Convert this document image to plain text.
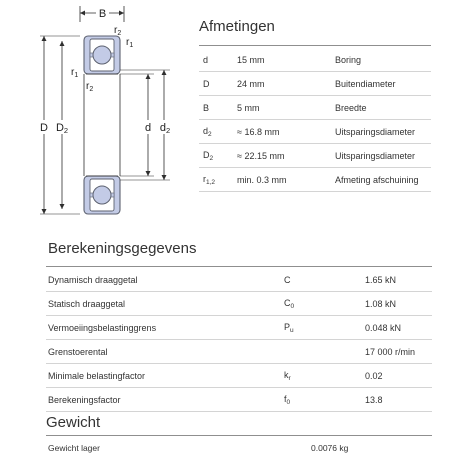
B
D D2	d d2
$r_2$
$r_1$
$r_1$
$r_2$
Afmetingen
d	15 mm	Boring
D	24 mm	Buitendiameter
B	5 mm	Breedte
$d_2$	≈ 16.8 mm	Uitsparingsdiameter
$D_2$	≈ 22.15 mm	Uitsparingsdiameter
$r_{1,2}$	min. 0.3 mm	Afmeting afschuining
Berekeningsgegevens
Dynamisch draaggetal	C	1.65 kN
Statisch draaggetal	$C_0$	1.08 kN
Vermoeiingsbelastinggrens	$P_u$	0.048 kN
Grenstoerental		17 000 r/min
Minimale belastingfactor	$k_r$	0.02
Berekeningsfactor	$f_0$	13.8
Gewicht
Gewicht lager	0.0076 kg
